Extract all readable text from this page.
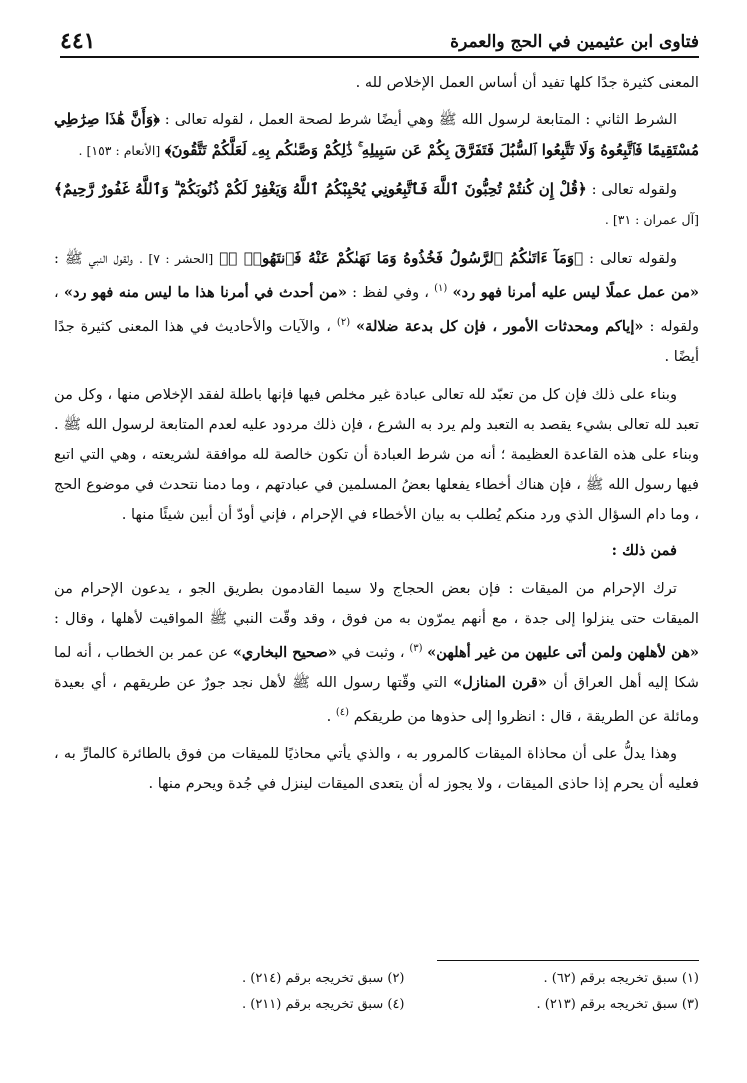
فتاوى ابن عثيمين في الحج والعمرة
٤٤١

المعنى كثيرة جدًا كلها تفيد أن أساس العمل الإخلاص لله .

الشرط الثاني : المتابعة لرسول الله ﷺ وهي أيضًا شرط لصحة العمل ، لقوله تعالى : ﴿وَأَنَّ هَٰذَا صِرَٰطِي مُسْتَقِيمًا فَٱتَّبِعُوهُ وَلَا تَتَّبِعُوا ٱلسُّبُلَ فَتَفَرَّقَ بِكُمْ عَن سَبِيلِهِ ۚ ذَٰلِكُمْ وَصَّىٰكُم بِهِۦ لَعَلَّكُمْ تَتَّقُونَ﴾ [الأنعام : ١٥٣] .

ولقوله تعالى : ﴿قُلْ إِن كُنتُمْ تُحِبُّونَ ٱللَّهَ فَٱتَّبِعُونِي يُحْبِبْكُمُ ٱللَّهُ وَيَغْفِرْ لَكُمْ ذُنُوبَكُمْ ۗ وَٱللَّهُ غَفُورٌ رَّحِيمٌ﴾ [آل عمران : ٣١] .

ولقوله تعالى : ﴿وَمَآ ءَاتَىٰكُمُ ٱلرَّسُولُ فَخُذُوهُ وَمَا نَهَىٰكُمْ عَنْهُ فَٱنتَهُوا۟ ۚ﴾ [الحشر : ٧] . ولقول النبي ﷺ : «من عمل عملًا ليس عليه أمرنا فهو رد» $^{(١)}$ ، وفي لفظ : «من أحدث في أمرنا هذا ما ليس منه فهو رد» ، ولقوله : «إياكم ومحدثات الأمور ، فإن كل بدعة ضلالة» $^{(٢)}$ ، والآيات والأحاديث في هذا المعنى كثيرة جدًا أيضًا .

وبناء على ذلك فإن كل من تعبّد لله تعالى عبادة غير مخلص فيها فإنها باطلة لفقد الإخلاص منها ، وكل من تعبد لله تعالى بشيء يقصد به التعبد ولم يرد به الشرع ، فإن ذلك مردود عليه لعدم المتابعة لرسول الله ﷺ . وبناء على هذه القاعدة العظيمة ؛ أنه من شرط العبادة أن تكون خالصة لله موافقة لشريعته ، وهي التي اتبع فيها رسول الله ﷺ ، فإن هناك أخطاء يفعلها بعضُ المسلمين في عبادتهم ، وما دمنا نتحدث في موضوع الحج ، وما دام السؤال الذي ورد منكم يُطلب به بيان الأخطاء في الإحرام ، فإني أودّ أن أبين شيئًا منها .

فمن ذلك :

ترك الإحرام من الميقات : فإن بعض الحجاج ولا سيما القادمون بطريق الجو ، يدعون الإحرام من الميقات حتى ينزلوا إلى جدة ، مع أنهم يمرّون به من فوق ، وقد وقّت النبي ﷺ المواقيت لأهلها ، وقال : «هن لأهلهن ولمن أتى عليهن من غير أهلهن» $^{(٣)}$ ، وثبت في «صحيح البخاري» عن عمر بن الخطاب ، أنه لما شكا إليه أهل العراق أن «قرن المنازل» التي وقّتها رسول الله ﷺ لأهل نجد جورٌ عن طريقهم ، أي بعيدة ومائلة عن الطريقة ، قال : انظروا إلى حذوها من طريقكم $^{(٤)}$ .

وهذا يدلُّ على أن محاذاة الميقات كالمرور به ، والذي يأتي محاذيًا للميقات من فوق بالطائرة كالمارِّ به ، فعليه أن يحرم إذا حاذى الميقات ، ولا يجوز له أن يتعدى الميقات لينزل في جُدة ويحرم منها .

(١) سبق تخريجه برقم (٦٢) .
(٢) سبق تخريجه برقم (٢١٤) .
(٣) سبق تخريجه برقم (٢١٣) .
(٤) سبق تخريجه برقم (٢١١) .
